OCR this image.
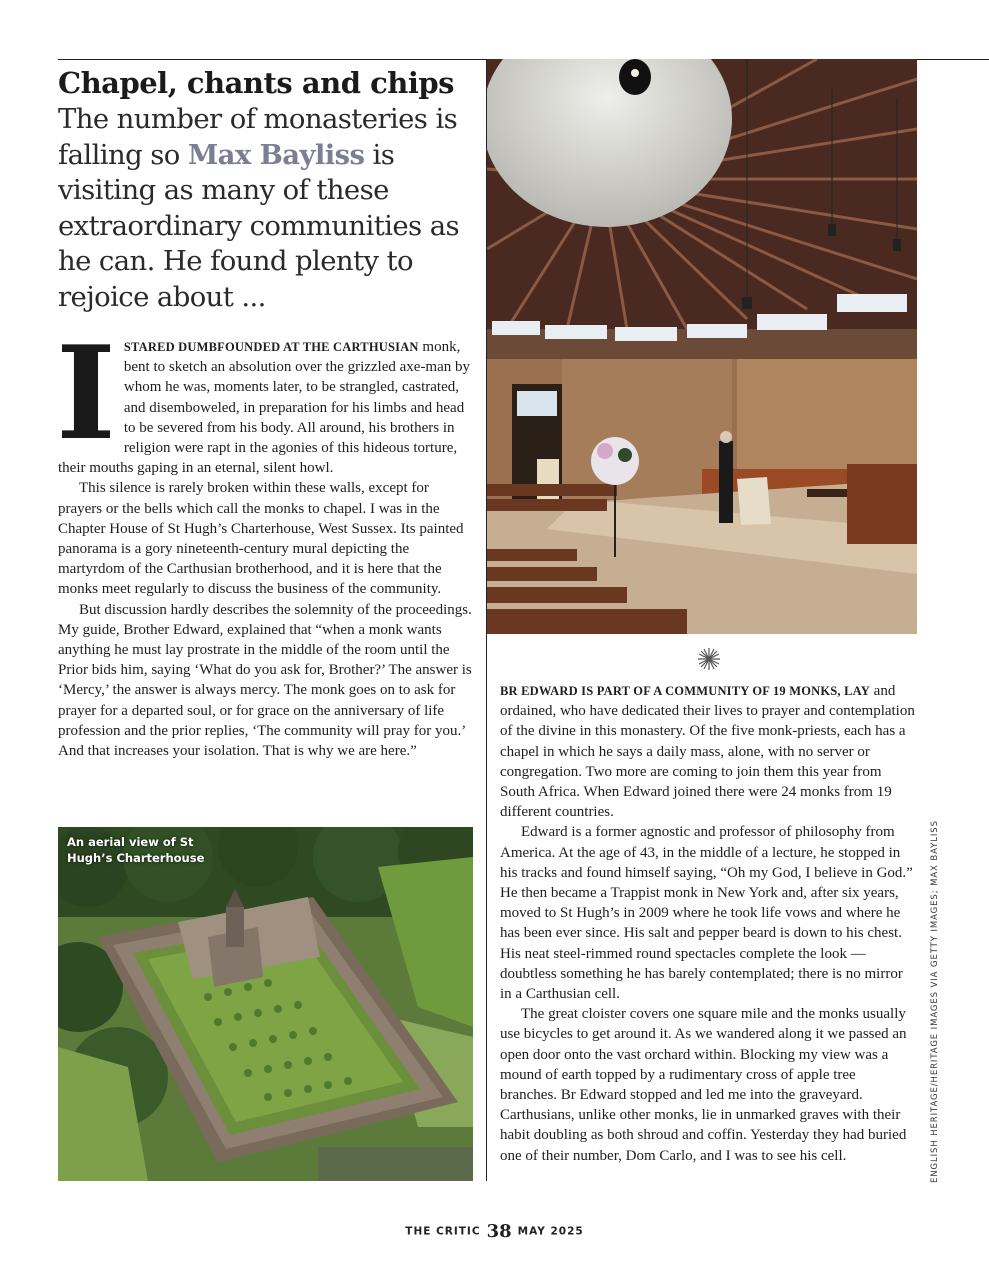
Chapel, chants and chips

The number of monasteries is falling so Max Bayliss is visiting as many of these extraordinary communities as he can. He found plenty to rejoice about ...

ISTARED DUMBFOUNDED AT THE CARTHUSIAN monk, bent to sketch an absolution over the grizzled axe-man by whom he was, moments later, to be strangled, castrated, and disemboweled, in preparation for his limbs and head to be severed from his body. All around, his brothers in religion were rapt in the agonies of this hideous torture, their mouths gaping in an eternal, silent howl.

This silence is rarely broken within these walls, except for prayers or the bells which call the monks to chapel. I was in the Chapter House of St Hugh’s Charterhouse, West Sussex. Its painted panorama is a gory nineteenth-century mural depicting the martyrdom of the Carthusian brotherhood, and it is here that the monks meet regularly to discuss the business of the community.

But discussion hardly describes the solemnity of the proceedings. My guide, Brother Edward, explained that “when a monk wants anything he must lay prostrate in the middle of the room until the Prior bids him, saying ‘What do you ask for, Brother?’ The answer is ‘Mercy,’ the answer is always mercy. The monk goes on to ask for prayer for a departed soul, or for grace on the anniversary of life profession and the prior replies, ‘The community will pray for you.’ And that increases your isolation. That is why we are here.”

An aerial view of St Hugh’s Charterhouse

BR EDWARD IS PART OF A COMMUNITY OF 19 MONKS, LAY and ordained, who have dedicated their lives to prayer and contemplation of the divine in this monastery. Of the five monk-priests, each has a chapel in which he says a daily mass, alone, with no server or congregation. Two more are coming to join them this year from South Africa. When Edward joined there were 24 monks from 19 different countries.

Edward is a former agnostic and professor of philosophy from America. At the age of 43, in the middle of a lecture, he stopped in his tracks and found himself saying, “Oh my God, I believe in God.” He then became a Trappist monk in New York and, after six years, moved to St Hugh’s in 2009 where he took life vows and where he has been ever since. His salt and pepper beard is down to his chest. His neat steel-rimmed round spectacles complete the look — doubtless something he has barely contemplated; there is no mirror in a Carthusian cell.

The great cloister covers one square mile and the monks usually use bicycles to get around it. As we wandered along it we passed an open door onto the vast orchard within. Blocking my view was a mound of earth topped by a rudimentary cross of apple tree branches. Br Edward stopped and led me into the graveyard. Carthusians, unlike other monks, lie in unmarked graves with their habit doubling as both shroud and coffin. Yesterday they had buried one of their number, Dom Carlo, and I was to see his cell.	ENGLISH HERITAGE/HERITAGE IMAGES VIA GETTY IMAGES; MAX BAYLISS
THE CRITIC 38 MAY 2025
